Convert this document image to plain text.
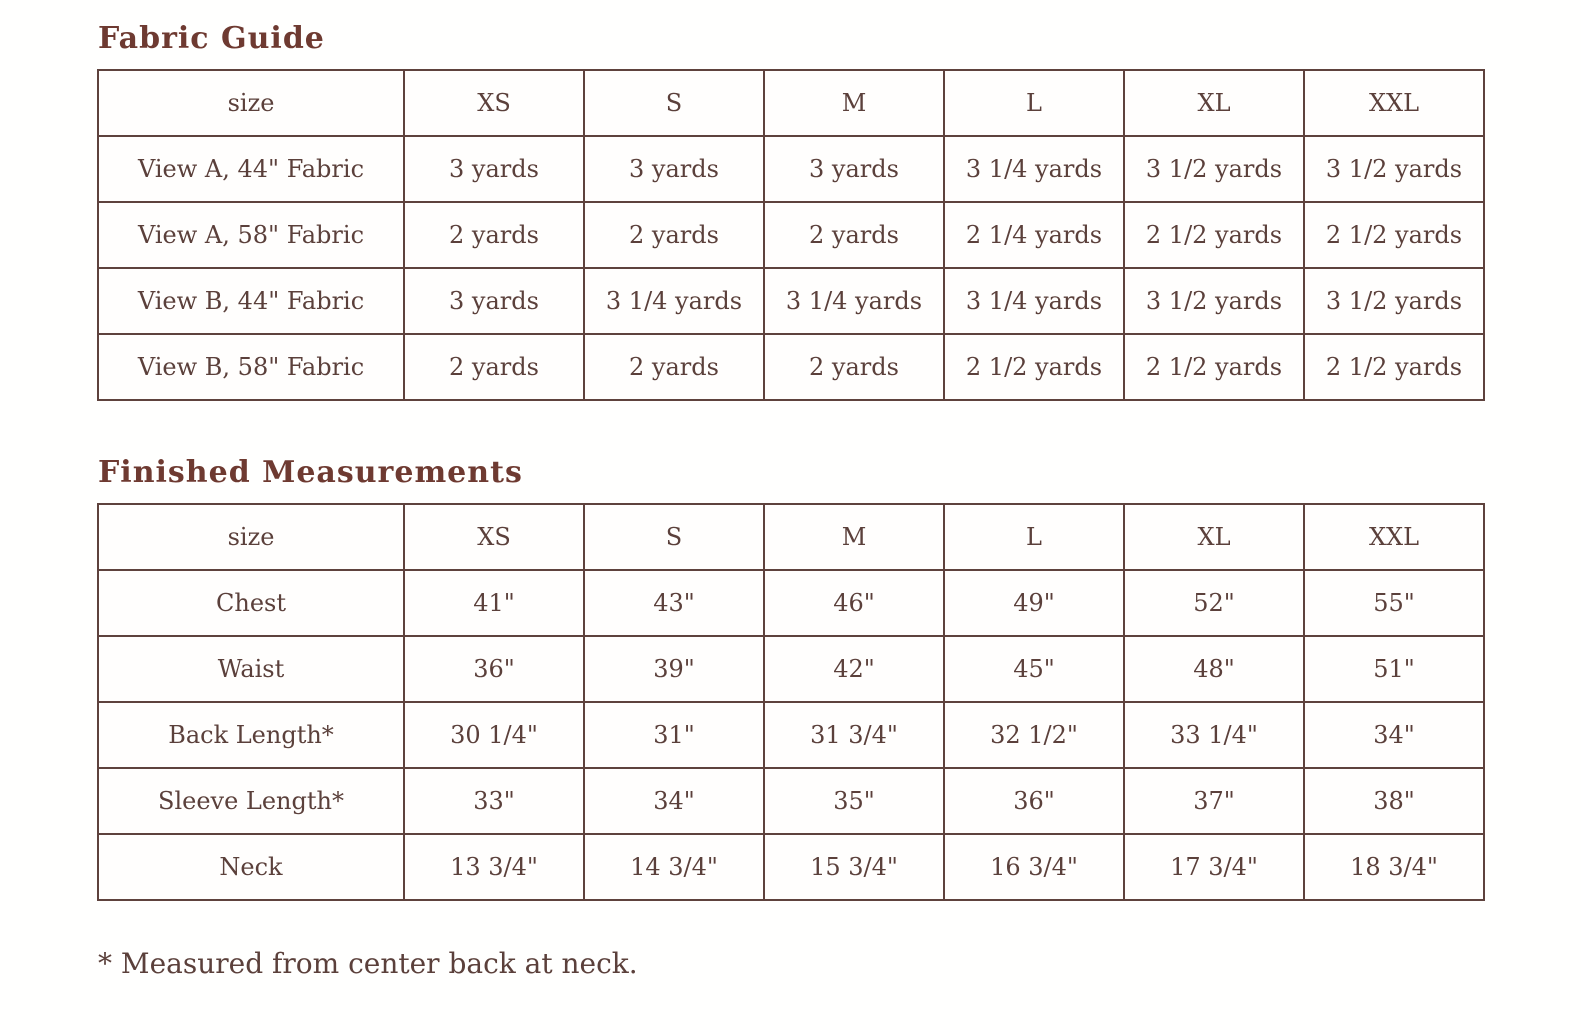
Fabric Guide
size	XS	S	M	L	XL	XXL
View A, 44" Fabric	3 yards	3 yards	3 yards	3 1/4 yards	3 1/2 yards	3 1/2 yards
View A, 58" Fabric	2 yards	2 yards	2 yards	2 1/4 yards	2 1/2 yards	2 1/2 yards
View B, 44" Fabric	3 yards	3 1/4 yards	3 1/4 yards	3 1/4 yards	3 1/2 yards	3 1/2 yards
View B, 58" Fabric	2 yards	2 yards	2 yards	2 1/2 yards	2 1/2 yards	2 1/2 yards
Finished Measurements
size	XS	S	M	L	XL	XXL
Chest	41"	43"	46"	49"	52"	55"
Waist	36"	39"	42"	45"	48"	51"
Back Length*	30 1/4"	31"	31 3/4"	32 1/2"	33 1/4"	34"
Sleeve Length*	33"	34"	35"	36"	37"	38"
Neck	13 3/4"	14 3/4"	15 3/4"	16 3/4"	17 3/4"	18 3/4"

* Measured from center back at neck.
